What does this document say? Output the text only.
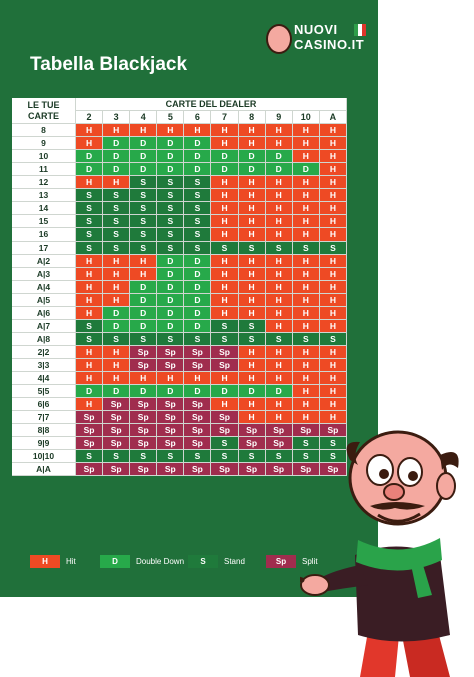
NUOVI
CASINO.IT
Tabella Blackjack
LE TUE
CARTE	CARTE DEL DEALER									
	2	3	4	5	6	7	8	9	10	A
8	H	H	H	H	H	H	H	H	H	H
9	H	D	D	D	D	H	H	H	H	H
10	D	D	D	D	D	D	D	D	H	H
11	D	D	D	D	D	D	D	D	D	H
12	H	H	S	S	S	H	H	H	H	H
13	S	S	S	S	S	H	H	H	H	H
14	S	S	S	S	S	H	H	H	H	H
15	S	S	S	S	S	H	H	H	H	H
16	S	S	S	S	S	H	H	H	H	H
17	S	S	S	S	S	S	S	S	S	S
A|2	H	H	H	D	D	H	H	H	H	H
A|3	H	H	H	D	D	H	H	H	H	H
A|4	H	H	D	D	D	H	H	H	H	H
A|5	H	H	D	D	D	H	H	H	H	H
A|6	H	D	D	D	D	H	H	H	H	H
A|7	S	D	D	D	D	S	S	H	H	H
A|8	S	S	S	S	S	S	S	S	S	S
2|2	H	H	Sp	Sp	Sp	Sp	H	H	H	H
3|3	H	H	Sp	Sp	Sp	Sp	H	H	H	H
4|4	H	H	H	H	H	H	H	H	H	H
5|5	D	D	D	D	D	D	D	D	H	H
6|6	H	Sp	Sp	Sp	Sp	H	H	H	H	H
7|7	Sp	Sp	Sp	Sp	Sp	Sp	H	H	H	H
8|8	Sp	Sp	Sp	Sp	Sp	Sp	Sp	Sp	Sp	Sp
9|9	Sp	Sp	Sp	Sp	Sp	S	Sp	Sp	S	S
10|10	S	S	S	S	S	S	S	S	S	S
A|A	Sp	Sp	Sp	Sp	Sp	Sp	Sp	Sp	Sp	Sp
H	Hit	D	Double Down	S	Stand	Sp	Split
